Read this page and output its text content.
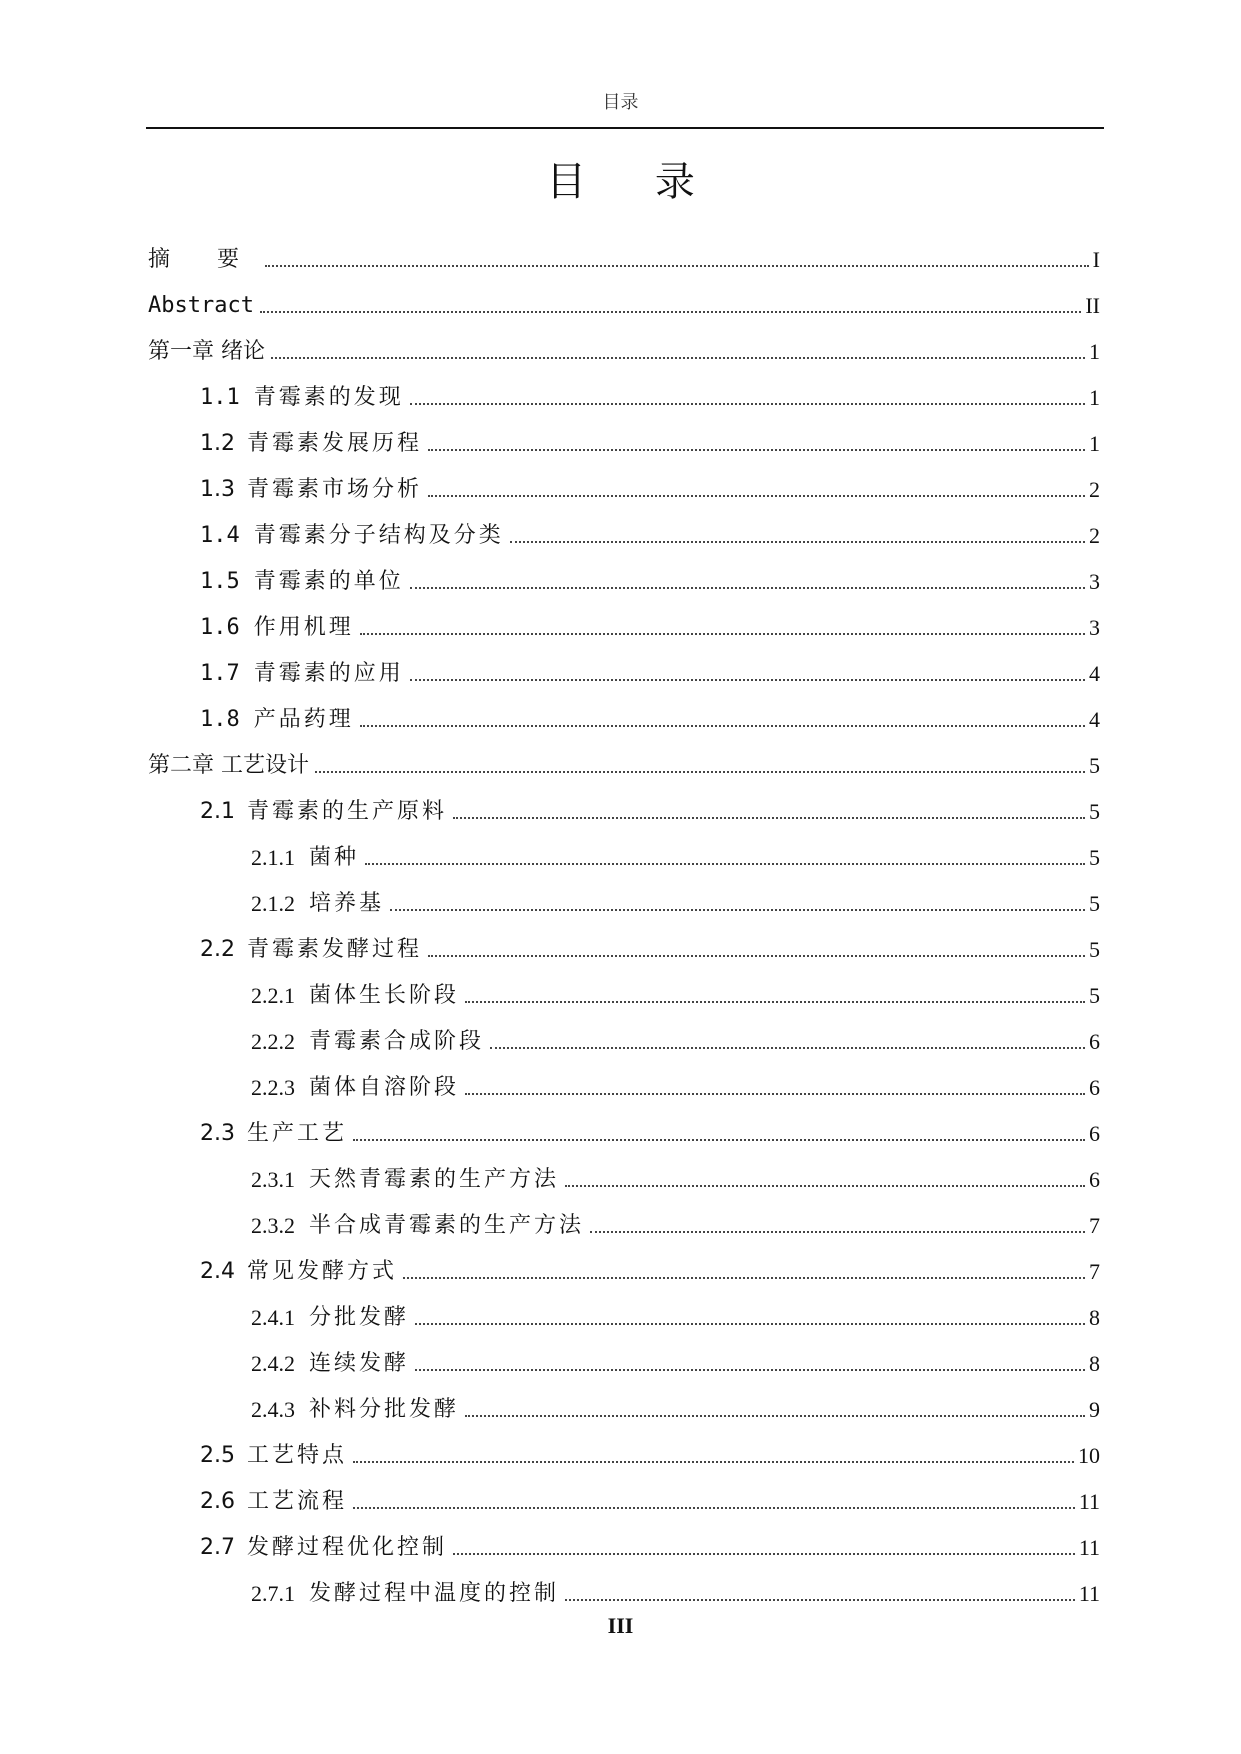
目录
目 录
摘 要	I
Abstract	II
第一章 绪论	1
1.1 青霉素的发现	1
1.2 青霉素发展历程	1
1.3 青霉素市场分析	2
1.4 青霉素分子结构及分类	2
1.5 青霉素的单位	3
1.6 作用机理	3
1.7 青霉素的应用	4
1.8 产品药理	4
第二章 工艺设计	5
2.1 青霉素的生产原料	5
2.1.1 菌种	5
2.1.2 培养基	5
2.2 青霉素发酵过程	5
2.2.1 菌体生长阶段	5
2.2.2 青霉素合成阶段	6
2.2.3 菌体自溶阶段	6
2.3 生产工艺	6
2.3.1 天然青霉素的生产方法	6
2.3.2 半合成青霉素的生产方法	7
2.4 常见发酵方式	7
2.4.1 分批发酵	8
2.4.2 连续发酵	8
2.4.3 补料分批发酵	9
2.5 工艺特点	10
2.6 工艺流程	11
2.7 发酵过程优化控制	11
2.7.1 发酵过程中温度的控制	11
III
